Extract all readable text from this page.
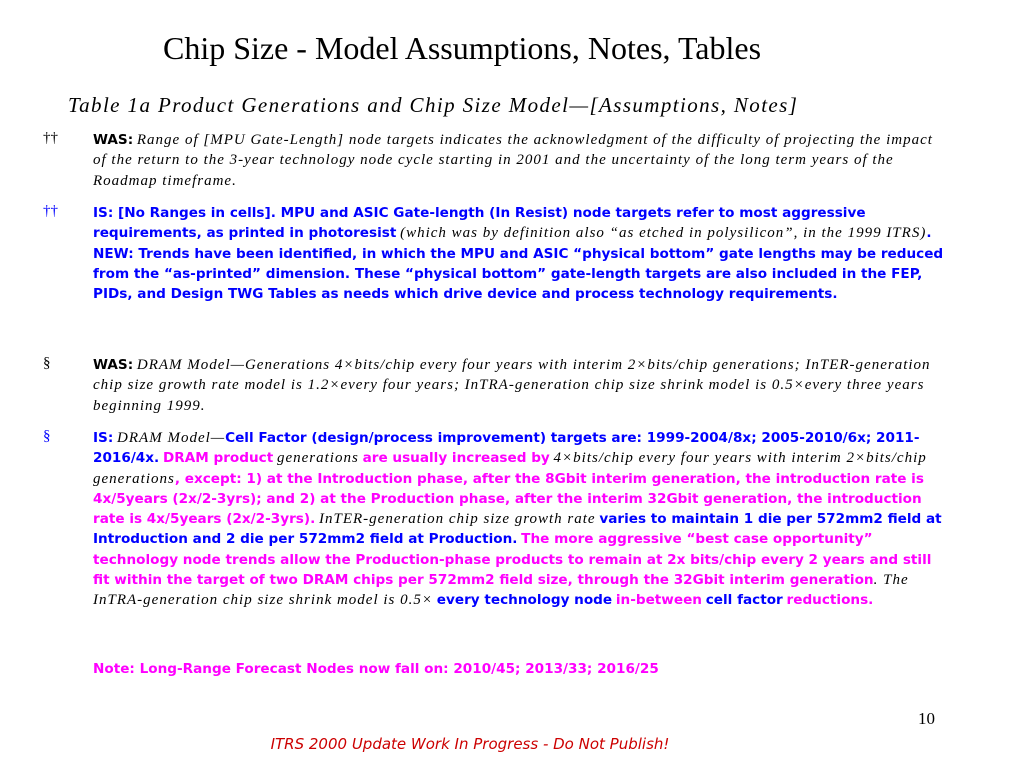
Chip Size - Model Assumptions, Notes, Tables
Table 1a Product Generations and Chip Size Model—[Assumptions, Notes]
††	WAS: Range of [MPU Gate-Length] node targets indicates the acknowledgment of the difficulty of projecting the impact of the return to the 3-year technology node cycle starting in 2001 and the uncertainty of the long term years of the Roadmap timeframe.
††	IS: [No Ranges in cells]. MPU and ASIC Gate-length (In Resist) node targets refer to most aggressive requirements, as printed in photoresist (which was by definition also “as etched in polysilicon”, in the 1999 ITRS). NEW: Trends have been identified, in which the MPU and ASIC “physical bottom” gate lengths may be reduced from the “as-printed” dimension. These “physical bottom” gate-length targets are also included in the FEP, PIDs, and Design TWG Tables as needs which drive device and process technology requirements.
§	WAS: DRAM Model—Generations 4×bits/chip every four years with interim 2×bits/chip generations; InTER-generation chip size growth rate model is 1.2×every four years; InTRA-generation chip size shrink model is 0.5×every three years beginning 1999.
§	IS: DRAM Model—Cell Factor (design/process improvement) targets are: 1999-2004/8x; 2005-2010/6x; 2011-2016/4x. DRAM product generations are usually increased by 4×bits/chip every four years with interim 2×bits/chip generations, except: 1) at the Introduction phase, after the 8Gbit interim generation, the introduction rate is 4x/5years (2x/2-3yrs); and 2) at the Production phase, after the interim 32Gbit generation, the introduction rate is 4x/5years (2x/2-3yrs). InTER-generation chip size growth rate varies to maintain 1 die per 572mm2 field at Introduction and 2 die per 572mm2 field at Production. The more aggressive “best case opportunity” technology node trends allow the Production-phase products to remain at 2x bits/chip every 2 years and still fit within the target of two DRAM chips per 572mm2 field size, through the 32Gbit interim generation. The InTRA-generation chip size shrink model is 0.5× every technology node in-between cell factor reductions.
Note: Long-Range Forecast Nodes now fall on: 2010/45; 2013/33; 2016/25
10
ITRS 2000 Update Work In Progress - Do Not Publish!
